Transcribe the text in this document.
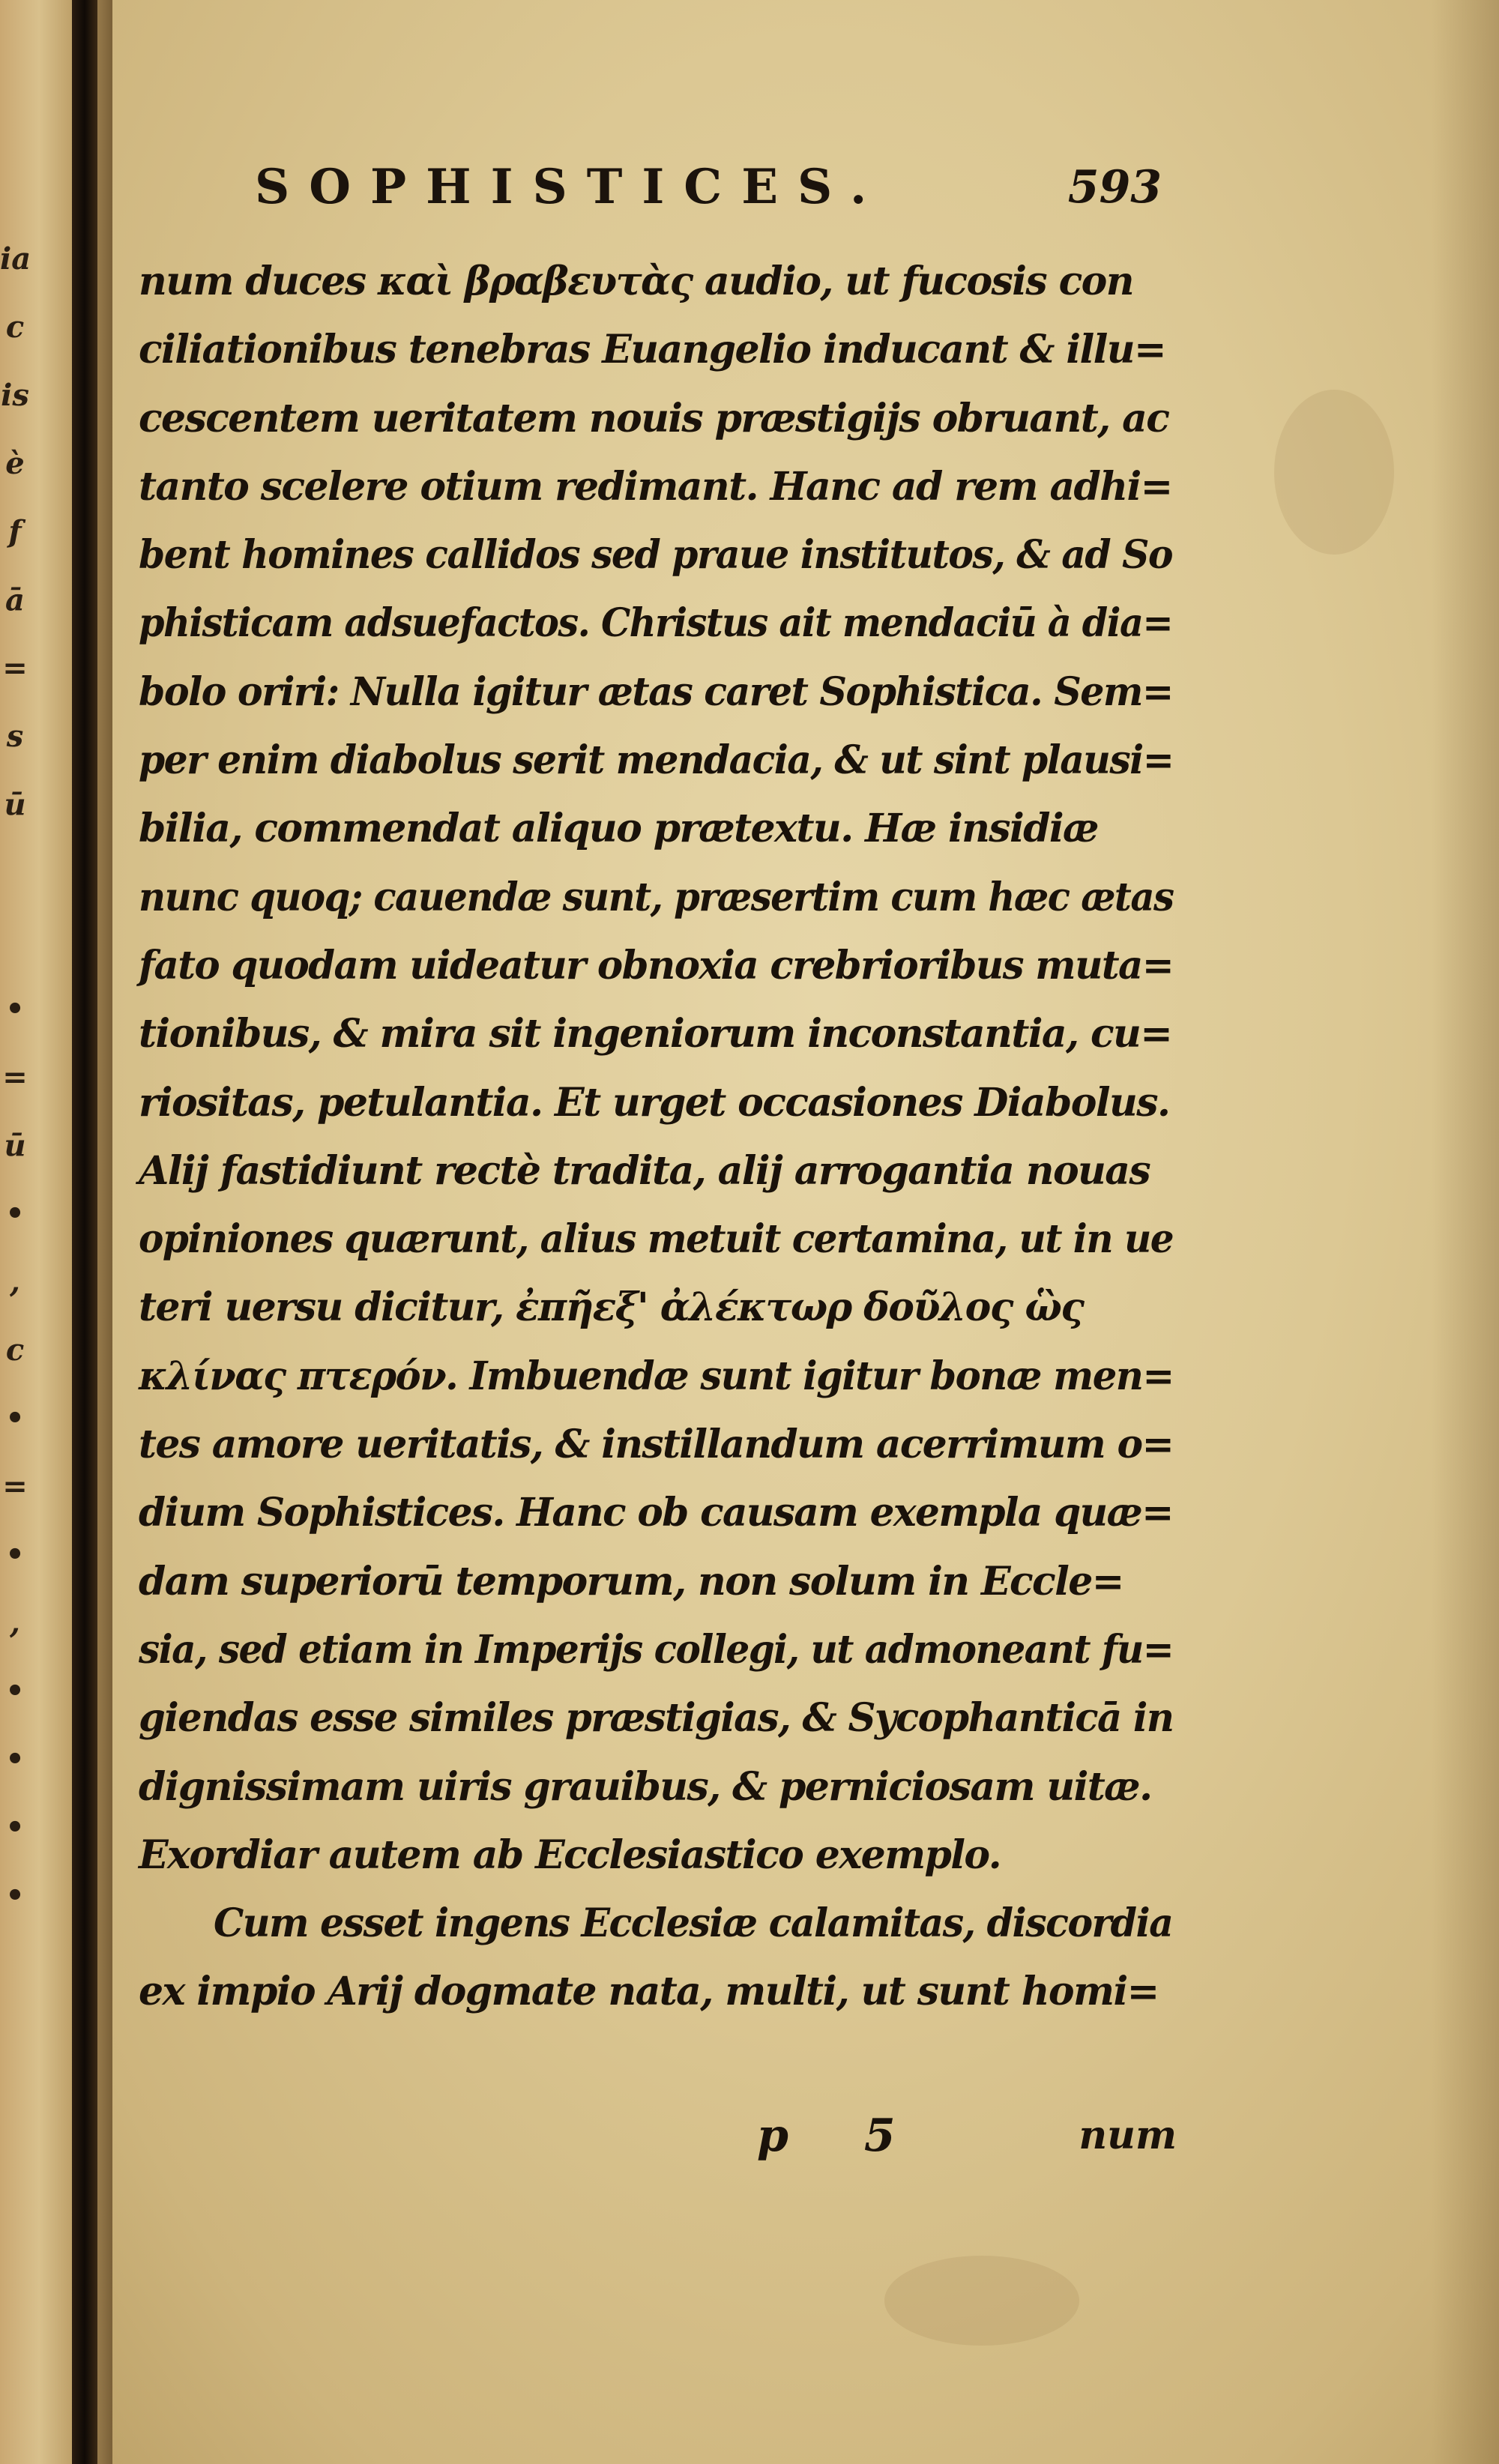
ia
c
is
è
f
ā
=
s
ū
•
=
ū
•
,
c
•
=
•
,
•
•
•
•
SOPHISTICES.	593
num duces καὶ βραβευτὰς audio, ut fucosis con
ciliationibus tenebras Euangelio inducant & illu=
cescentem ueritatem nouis præstigijs obruant, ac
tanto scelere otium redimant. Hanc ad rem adhi=
bent homines callidos sed praue institutos, & ad So
phisticam adsuefactos. Christus ait mendaciū à dia=
bolo oriri: Nulla igitur ætas caret Sophistica. Sem=
per enim diabolus serit mendacia, & ut sint plausi=
bilia, commendat aliquo prætextu. Hæ insidiæ
nunc quoq; cauendæ sunt, præsertim cum hæc ætas
fato quodam uideatur obnoxia crebrioribus muta=
tionibus, & mira sit ingeniorum inconstantia, cu=
riositas, petulantia. Et urget occasiones Diabolus.
Alij fastidiunt rectè tradita, alij arrogantia nouas
opiniones quærunt, alius metuit certamina, ut in ue
teri uersu dicitur, ἐπῆεξ' ἀλέκτωρ δοῦλος ὣς
κλίνας πτερόν. Imbuendæ sunt igitur bonæ men=
tes amore ueritatis, & instillandum acerrimum o=
dium Sophistices. Hanc ob causam exempla quæ=
dam superiorū temporum, non solum in Eccle=
sia, sed etiam in Imperijs collegi, ut admoneant fu=
giendas esse similes præstigias, & Sycophanticā in
dignissimam uiris grauibus, & perniciosam uitæ.
Exordiar autem ab Ecclesiastico exemplo.
Cum esset ingens Ecclesiæ calamitas, discordia
ex impio Arij dogmate nata, multi, ut sunt homi=
p 5	num
